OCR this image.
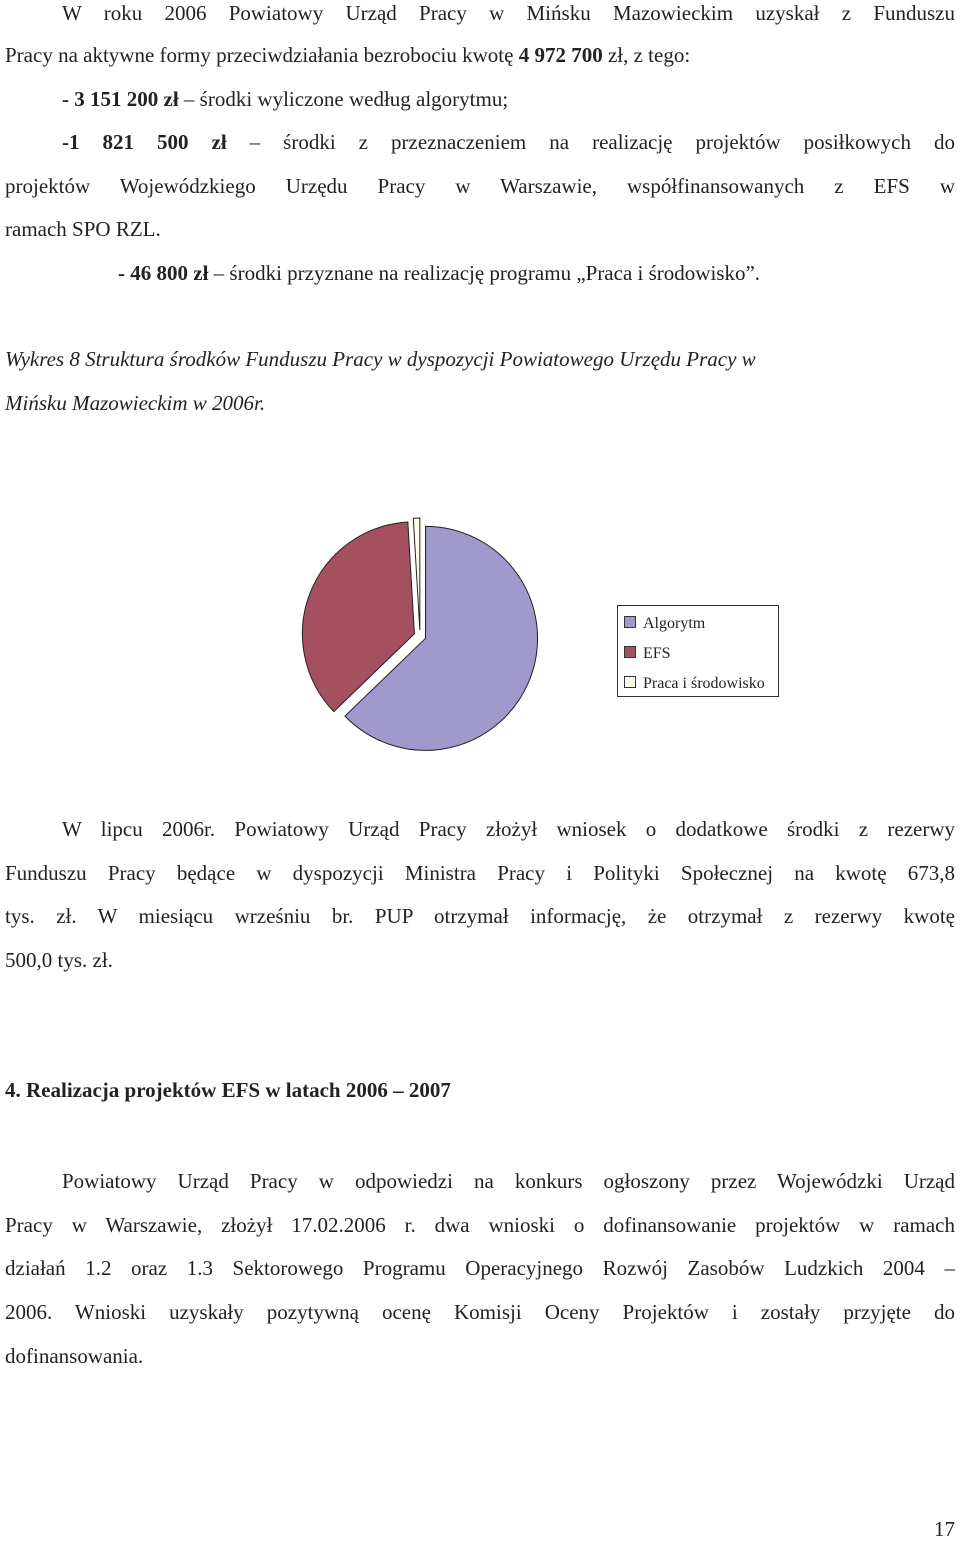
W roku 2006 Powiatowy Urząd Pracy w Mińsku Mazowieckim uzyskał z Funduszu
Pracy na aktywne formy przeciwdziałania bezrobociu kwotę 4 972 700 zł, z tego:
- 3 151 200 zł – środki wyliczone według algorytmu;
-1 821 500 zł – środki z przeznaczeniem na realizację projektów posiłkowych do
projektów Wojewódzkiego Urzędu Pracy w Warszawie, współfinansowanych z EFS w
ramach SPO RZL.
- 46 800 zł – środki przyznane na realizację programu „Praca i środowisko”.
Wykres 8 Struktura środków Funduszu Pracy w dyspozycji Powiatowego Urzędu Pracy w
Mińsku Mazowieckim w 2006r.
Algorytm
EFS
Praca i środowisko
W lipcu 2006r. Powiatowy Urząd Pracy złożył wniosek o dodatkowe środki z rezerwy
Funduszu Pracy będące w dyspozycji Ministra Pracy i Polityki Społecznej na kwotę 673,8
tys. zł. W miesiącu wrześniu br. PUP otrzymał informację, że otrzymał z rezerwy kwotę
500,0 tys. zł.
4. Realizacja projektów EFS w latach 2006 – 2007
Powiatowy Urząd Pracy w odpowiedzi na konkurs ogłoszony przez Wojewódzki Urząd
Pracy w Warszawie, złożył 17.02.2006 r. dwa wnioski o dofinansowanie projektów w ramach
działań 1.2 oraz 1.3 Sektorowego Programu Operacyjnego Rozwój Zasobów Ludzkich 2004 –
2006. Wnioski uzyskały pozytywną ocenę Komisji Oceny Projektów i zostały przyjęte do
dofinansowania.
17
